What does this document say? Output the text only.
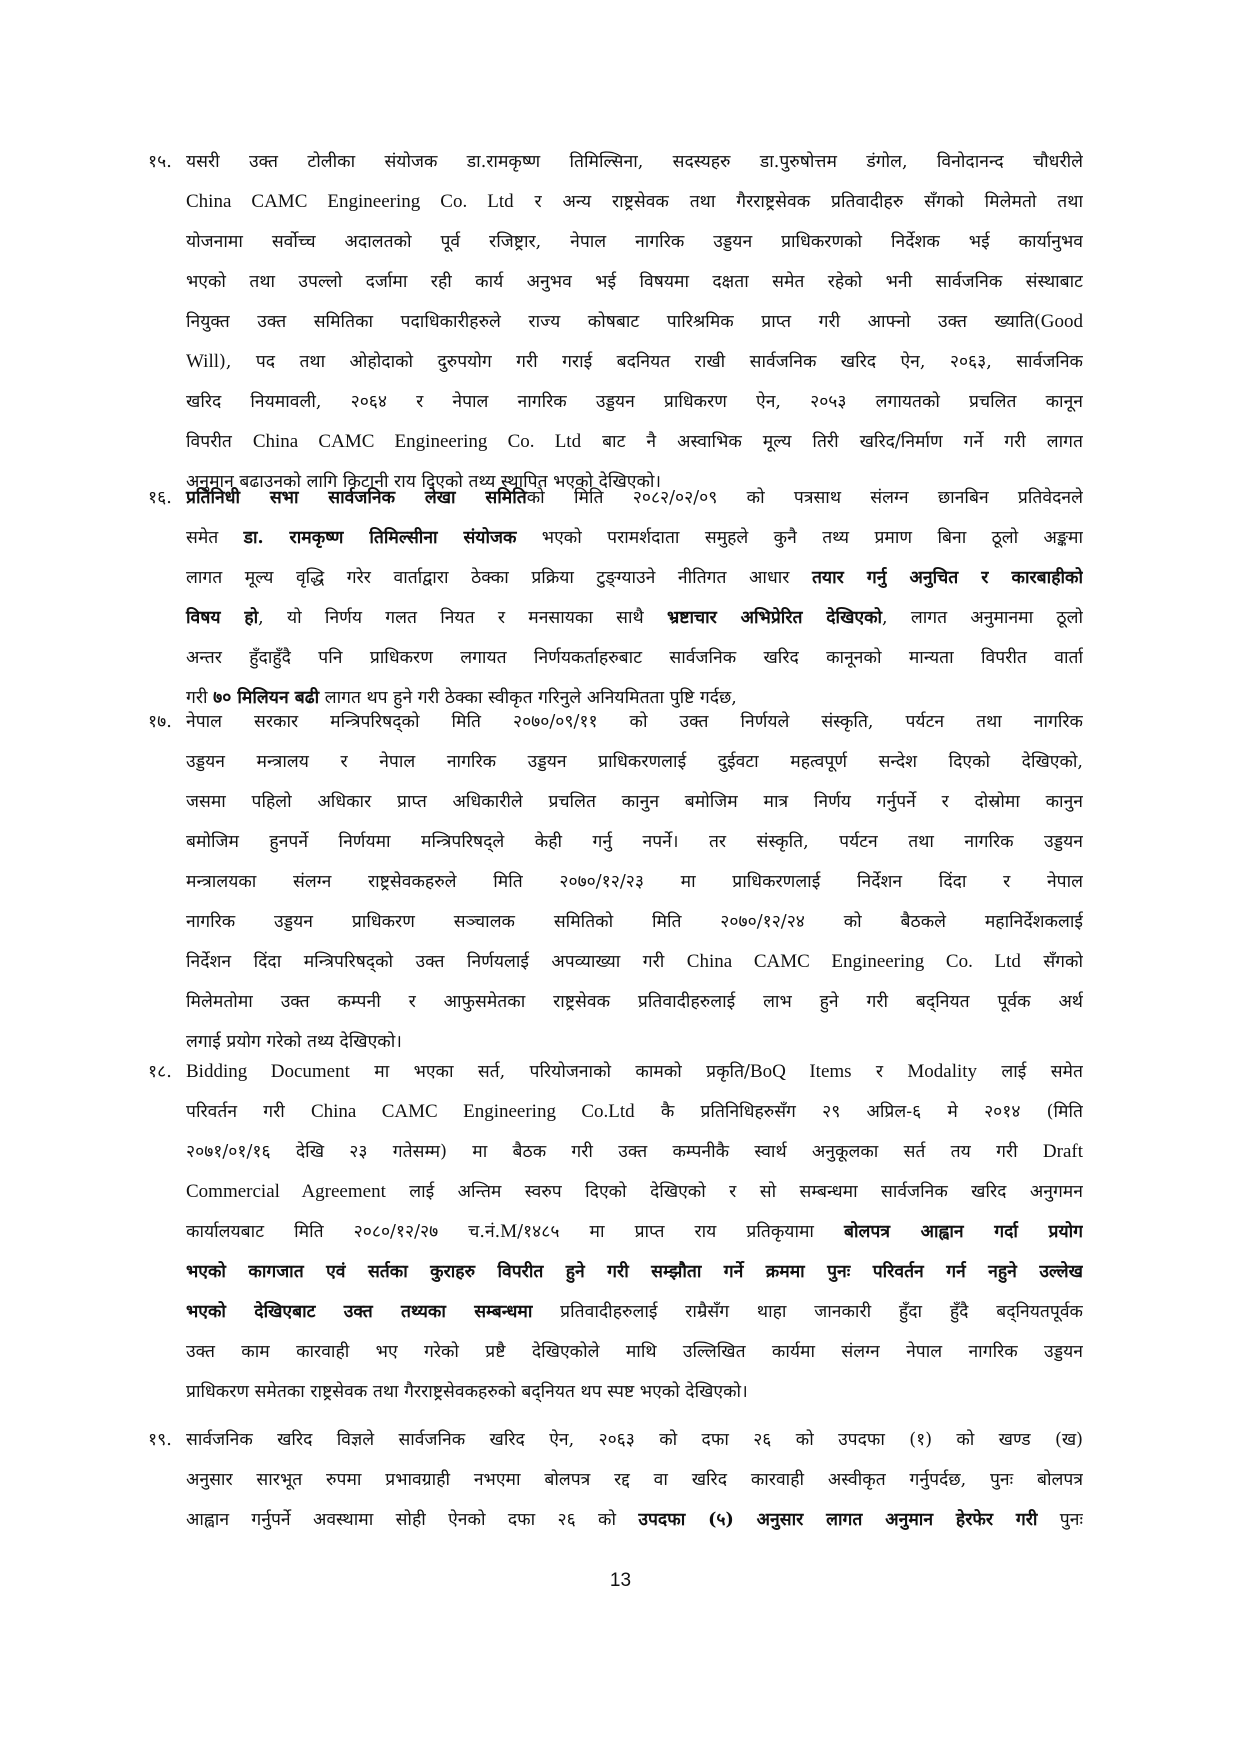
१५. यसरी उक्त टोलीका संयोजक डा.रामकृष्ण तिमिल्सिना, सदस्यहरु डा.पुरुषोत्तम डंगोल, विनोदानन्द चौधरीले
China CAMC Engineering Co. Ltd र अन्य राष्ट्रसेवक तथा गैरराष्ट्रसेवक प्रतिवादीहरु सँगको मिलेमतो तथा
योजनामा सर्वोच्च अदालतको पूर्व रजिष्ट्रार, नेपाल नागरिक उड्डयन प्राधिकरणको निर्देशक भई कार्यानुभव
भएको तथा उपल्लो दर्जामा रही कार्य अनुभव भई विषयमा दक्षता समेत रहेको भनी सार्वजनिक संस्थाबाट
नियुक्त उक्त समितिका पदाधिकारीहरुले राज्य कोषबाट पारिश्रमिक प्राप्त गरी आफ्नो उक्त ख्याति(Good
Will), पद तथा ओहोदाको दुरुपयोग गरी गराई बदनियत राखी सार्वजनिक खरिद ऐन, २०६३, सार्वजनिक
खरिद नियमावली, २०६४ र नेपाल नागरिक उड्डयन प्राधिकरण ऐन, २०५३ लगायतको प्रचलित कानून
विपरीत China CAMC Engineering Co. Ltd बाट नै अस्वाभिक मूल्य तिरी खरिद/निर्माण गर्ने गरी लागत
अनुमान बढाउनको लागि किटानी राय दिएको तथ्य स्थापित भएको देखिएको।
१६. प्रतिनिधी सभा सार्वजनिक लेखा समितिको मिति २०८२/०२/०९ को पत्रसाथ संलग्न छानबिन प्रतिवेदनले
समेत डा. रामकृष्ण तिमिल्सीना संयोजक भएको परामर्शदाता समुहले कुनै तथ्य प्रमाण बिना ठूलो अङ्कमा
लागत मूल्य वृद्धि गरेर वार्ताद्वारा ठेक्का प्रक्रिया टुङ्ग्याउने नीतिगत आधार तयार गर्नु अनुचित र कारबाहीको
विषय हो, यो निर्णय गलत नियत र मनसायका साथै भ्रष्टाचार अभिप्रेरित देखिएको, लागत अनुमानमा ठूलो
अन्तर हुँदाहुँदै पनि प्राधिकरण लगायत निर्णयकर्ताहरुबाट सार्वजनिक खरिद कानूनको मान्यता विपरीत वार्ता
गरी ७० मिलियन बढी लागत थप हुने गरी ठेक्का स्वीकृत गरिनुले अनियमितता पुष्टि गर्दछ,
१७. नेपाल सरकार मन्त्रिपरिषद्को मिति २०७०/०९/११ को उक्त निर्णयले संस्कृति, पर्यटन तथा नागरिक
उड्डयन मन्त्रालय र नेपाल नागरिक उड्डयन प्राधिकरणलाई दुईवटा महत्वपूर्ण सन्देश दिएको देखिएको,
जसमा पहिलो अधिकार प्राप्त अधिकारीले प्रचलित कानुन बमोजिम मात्र निर्णय गर्नुपर्ने र दोस्रोमा कानुन
बमोजिम हुनपर्ने निर्णयमा मन्त्रिपरिषद्ले केही गर्नु नपर्ने। तर संस्कृति, पर्यटन तथा नागरिक उड्डयन
मन्त्रालयका संलग्न राष्ट्रसेवकहरुले मिति २०७०/१२/२३ मा प्राधिकरणलाई निर्देशन दिंदा र नेपाल
नागरिक उड्डयन प्राधिकरण सञ्चालक समितिको मिति २०७०/१२/२४ को बैठकले महानिर्देशकलाई
निर्देशन दिंदा मन्त्रिपरिषद्को उक्त निर्णयलाई अपव्याख्या गरी China CAMC Engineering Co. Ltd सँगको
मिलेमतोमा उक्त कम्पनी र आफुसमेतका राष्ट्रसेवक प्रतिवादीहरुलाई लाभ हुने गरी बद्नियत पूर्वक अर्थ
लगाई प्रयोग गरेको तथ्य देखिएको।
१८. Bidding Document मा भएका सर्त, परियोजनाको कामको प्रकृति/BoQ Items र Modality लाई समेत
परिवर्तन गरी China CAMC Engineering Co.Ltd कै प्रतिनिधिहरुसँग २९ अप्रिल-६ मे २०१४ (मिति
२०७१/०१/१६ देखि २३ गतेसम्म) मा बैठक गरी उक्त कम्पनीकै स्वार्थ अनुकूलका सर्त तय गरी Draft
Commercial Agreement लाई अन्तिम स्वरुप दिएको देखिएको र सो सम्बन्धमा सार्वजनिक खरिद अनुगमन
कार्यालयबाट मिति २०८०/१२/२७ च.नं.M/१४८५ मा प्राप्त राय प्रतिकृयामा बोलपत्र आह्वान गर्दा प्रयोग
भएको कागजात एवं सर्तका कुराहरु विपरीत हुने गरी सम्झौता गर्ने क्रममा पुनः परिवर्तन गर्न नहुने उल्लेख
भएको देखिएबाट उक्त तथ्यका सम्बन्धमा प्रतिवादीहरुलाई राम्रैसँग थाहा जानकारी हुँदा हुँदै बद्नियतपूर्वक
उक्त काम कारवाही भए गरेको प्रष्टै देखिएकोले माथि उल्लिखित कार्यमा संलग्न नेपाल नागरिक उड्डयन
प्राधिकरण समेतका राष्ट्रसेवक तथा गैरराष्ट्रसेवकहरुको बद्नियत थप स्पष्ट भएको देखिएको।
१९. सार्वजनिक खरिद विज्ञले सार्वजनिक खरिद ऐन, २०६३ को दफा २६ को उपदफा (१) को खण्ड (ख)
अनुसार सारभूत रुपमा प्रभावग्राही नभएमा बोलपत्र रद्द वा खरिद कारवाही अस्वीकृत गर्नुपर्दछ, पुनः बोलपत्र
आह्वान गर्नुपर्ने अवस्थामा सोही ऐनको दफा २६ को उपदफा (५) अनुसार लागत अनुमान हेरफेर गरी पुनः
13
